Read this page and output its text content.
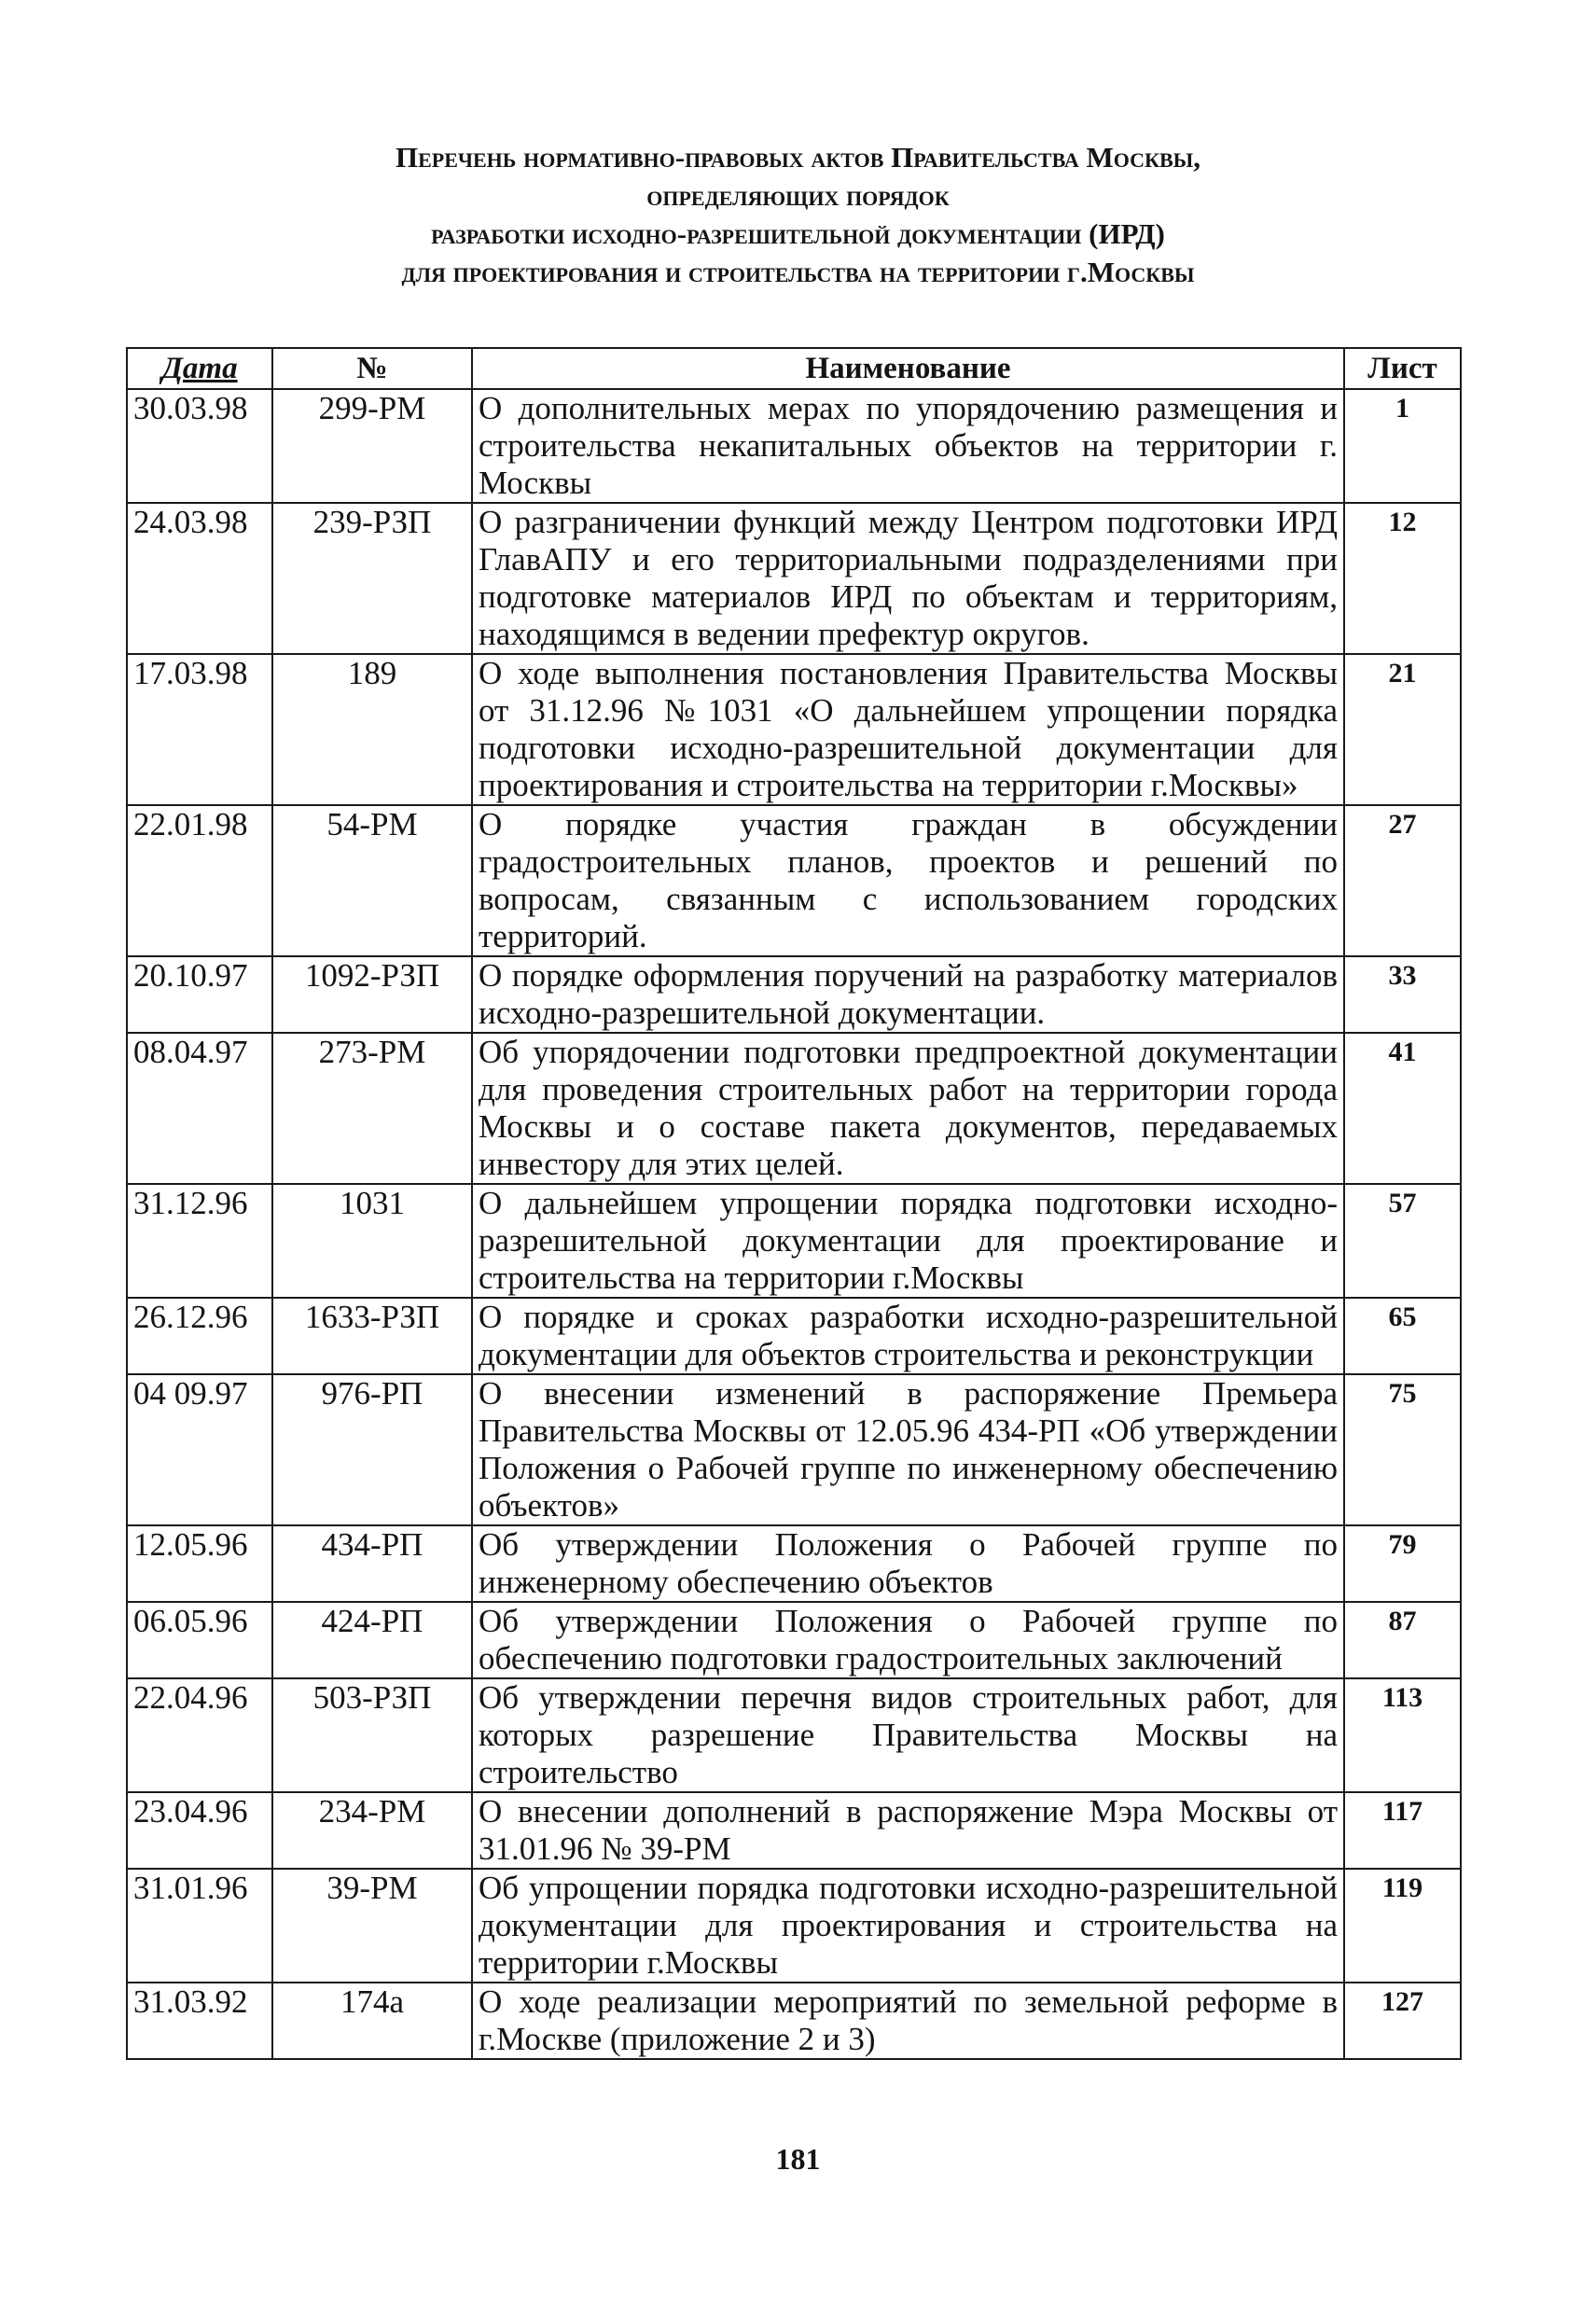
Перечень нормативно-правовых актов Правительства Москвы,
определяющих порядок
разработки исходно-разрешительной документации (ИРД)
для проектирования и строительства на территории г.Москвы
Дата	№	Наименование	Лист
30.03.98	299-РМ	О дополнительных мерах по упорядочению размещения и строительства некапитальных объектов на территории г. Москвы	1
24.03.98	239-РЗП	О разграничении функций между Центром подготовки ИРД ГлавАПУ и его территориальными подразделениями при подготовке материалов ИРД по объектам и территориям, находящимся в ведении префектур округов.	12
17.03.98	189	О ходе выполнения постановления Правительства Москвы от 31.12.96 №1031 «О дальнейшем упрощении порядка подготовки исходно-разрешительной документации для проектирования и строительства на территории г.Москвы»	21
22.01.98	54-РМ	О порядке участия граждан в обсуждении градостроительных планов, проектов и решений по вопросам, связанным с использованием городских территорий.	27
20.10.97	1092-РЗП	О порядке оформления поручений на разработку материалов исходно-разрешительной документации.	33
08.04.97	273-РМ	Об упорядочении подготовки предпроектной документации для проведения строительных работ на территории города Москвы и о составе пакета документов, передаваемых инвестору для этих целей.	41
31.12.96	1031	О дальнейшем упрощении порядка подготовки исходно-разрешительной документации для проектирование и строительства на территории г.Москвы	57
26.12.96	1633-РЗП	О порядке и сроках разработки исходно-разрешительной документации для объектов строительства и реконструкции	65
04 09.97	976-РП	О внесении изменений в распоряжение Премьера Правительства Москвы от 12.05.96 434-РП «Об утверждении Положения о Рабочей группе по инженерному обеспечению объектов»	75
12.05.96	434-РП	Об утверждении Положения о Рабочей группе по инженерному обеспечению объектов	79
06.05.96	424-РП	Об утверждении Положения о Рабочей группе по обеспечению подготовки градостроительных заключений	87
22.04.96	503-РЗП	Об утверждении перечня видов строительных работ, для которых разрешение Правительства Москвы на строительство	113
23.04.96	234-РМ	О внесении дополнений в распоряжение Мэра Москвы от 31.01.96 № 39-РМ	117
31.01.96	39-РМ	Об упрощении порядка подготовки исходно-разрешительной документации для проектирования и строительства на территории г.Москвы	119
31.03.92	174а	О ходе реализации мероприятий по земельной реформе в г.Москве (приложение 2 и 3)	127
181
